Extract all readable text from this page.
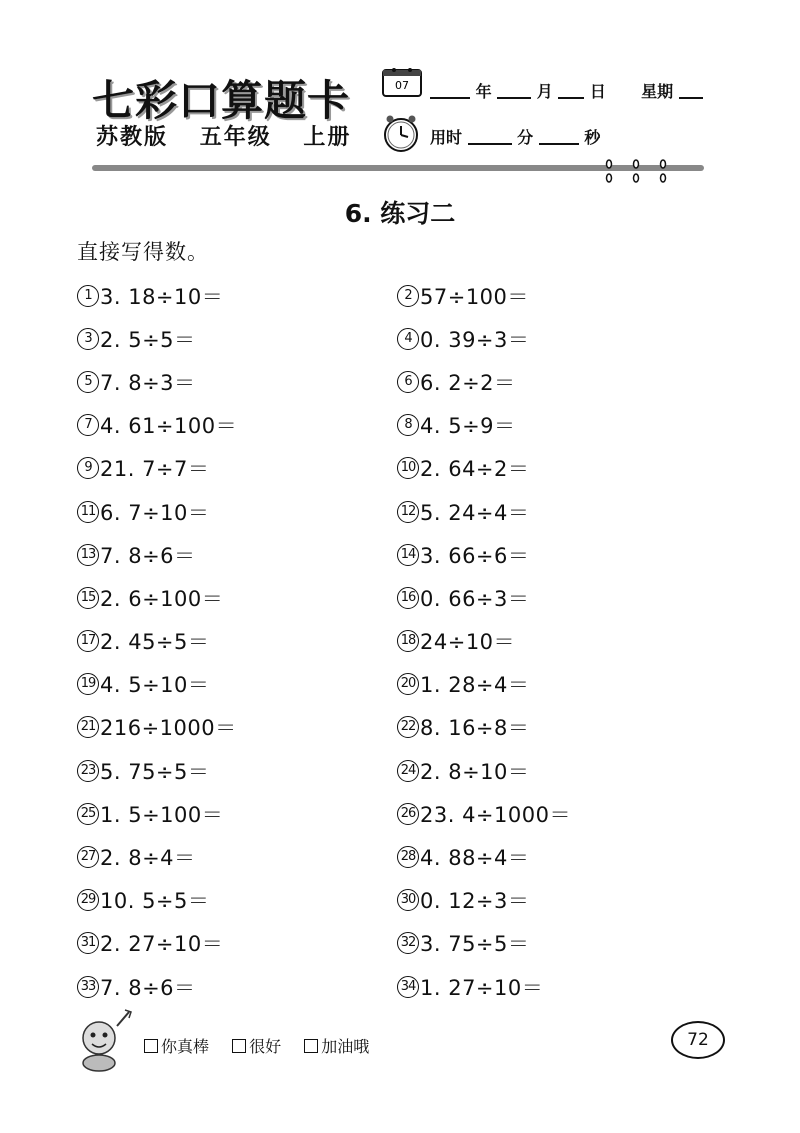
七彩口算题卡
苏教版 五年级 上册
07	年	月 日 星期
用时	分	秒
6. 练习二
直接写得数。
1 3. 18÷10＝	2 57÷100＝
3 2. 5÷5＝	4 0. 39÷3＝
5 7. 8÷3＝	6 6. 2÷2＝
7 4. 61÷100＝	8 4. 5÷9＝
9 21. 7÷7＝	10 2. 64÷2＝
11 6. 7÷10＝	12 5. 24÷4＝
13 7. 8÷6＝	14 3. 66÷6＝
15 2. 6÷100＝	16 0. 66÷3＝
17 2. 45÷5＝	18 24÷10＝
19 4. 5÷10＝	20 1. 28÷4＝
21 216÷1000＝	22 8. 16÷8＝
23 5. 75÷5＝	24 2. 8÷10＝
25 1. 5÷100＝	26 23. 4÷1000＝
27 2. 8÷4＝	28 4. 88÷4＝
29 10. 5÷5＝	30 0. 12÷3＝
31 2. 27÷10＝	32 3. 75÷5＝
33 7. 8÷6＝	34 1. 27÷10＝
你真棒	很好	加油哦	72
